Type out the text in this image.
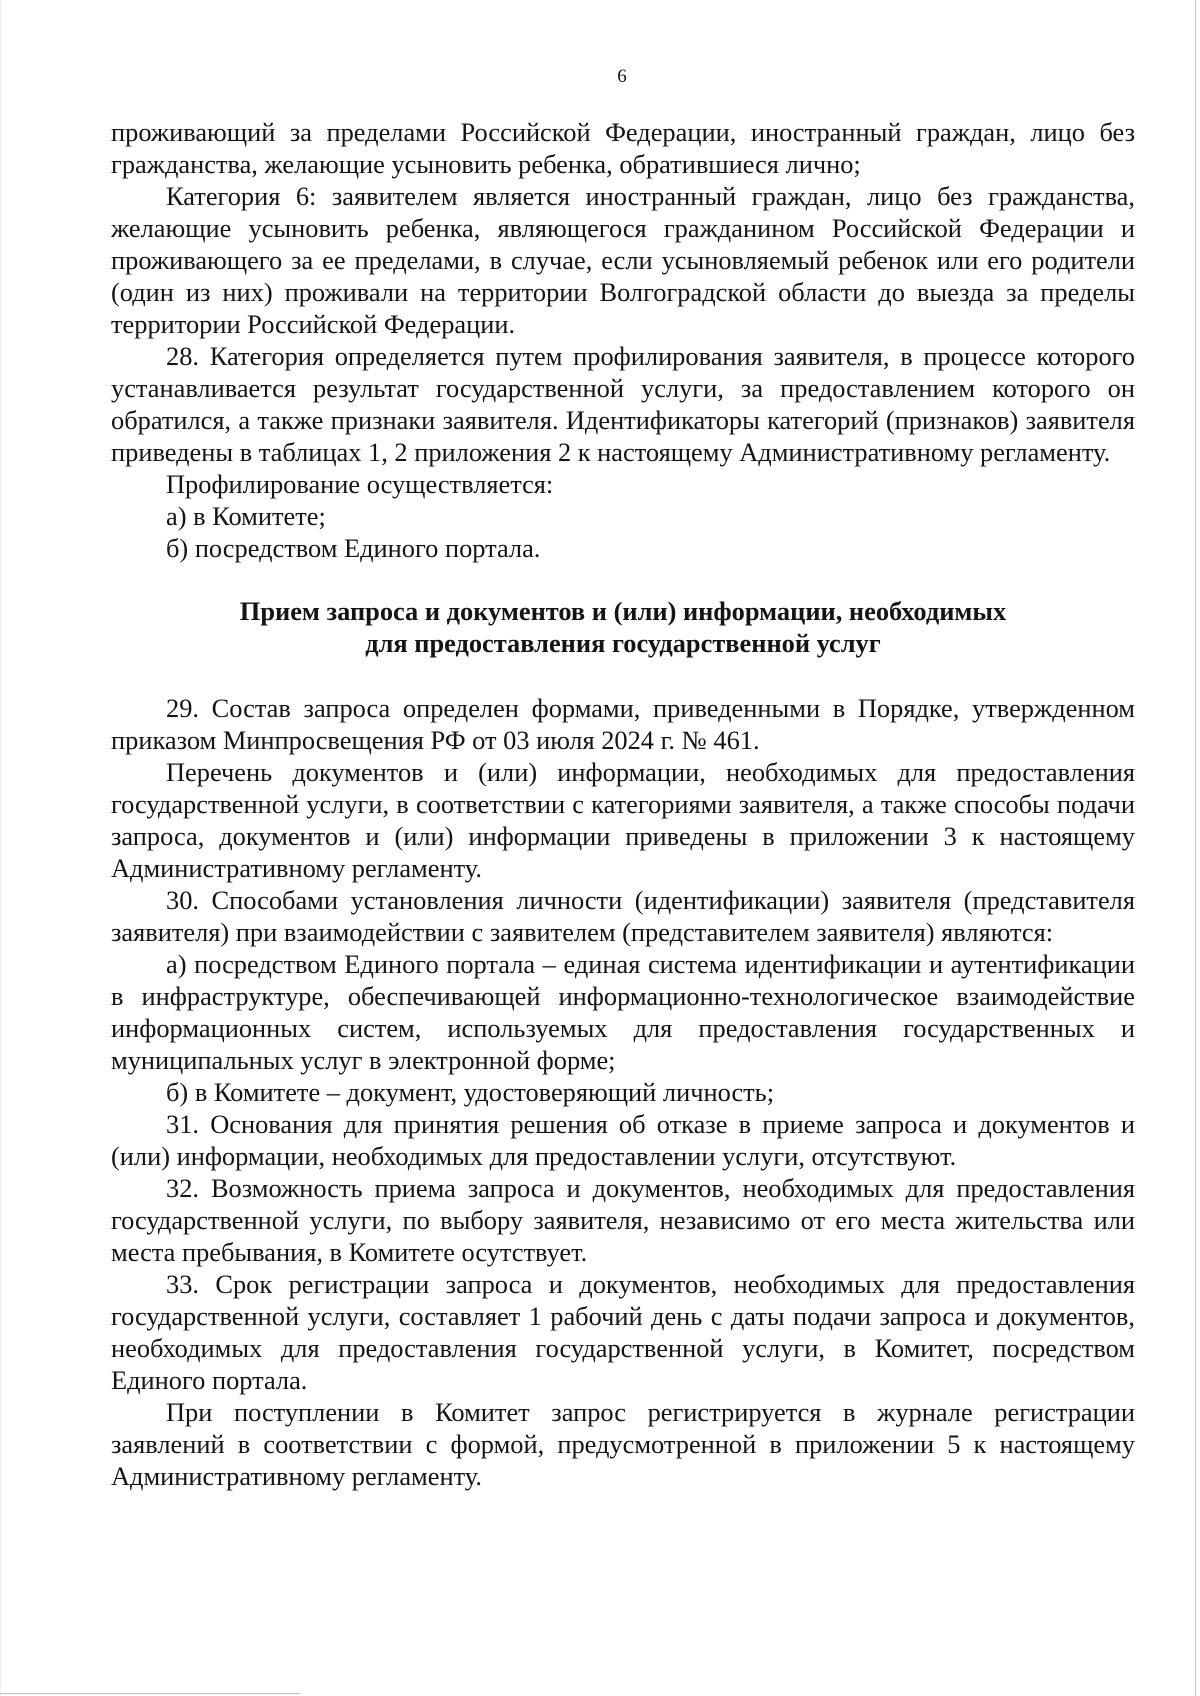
6

проживающий за пределами Российской Федерации, иностранный граждан, лицо без гражданства, желающие усыновить ребенка, обратившиеся лично;

Категория 6: заявителем является иностранный граждан, лицо без гражданства, желающие усыновить ребенка, являющегося гражданином Российской Федерации и проживающего за ее пределами, в случае, если усыновляемый ребенок или его родители (один из них) проживали на территории Волгоградской области до выезда за пределы территории Российской Федерации.

28. Категория определяется путем профилирования заявителя, в процессе которого устанавливается результат государственной услуги, за предоставлением которого он обратился, а также признаки заявителя. Идентификаторы категорий (признаков) заявителя приведены в таблицах 1, 2 приложения 2 к настоящему Административному регламенту.

Профилирование осуществляется:

а) в Комитете;

б) посредством Единого портала.

Прием запроса и документов и (или) информации, необходимых
для предоставления государственной услуг

29. Состав запроса определен формами, приведенными в Порядке, утвержденном приказом Минпросвещения РФ от 03 июля 2024 г. № 461.

Перечень документов и (или) информации, необходимых для предоставления государственной услуги, в соответствии с категориями заявителя, а также способы подачи запроса, документов и (или) информации приведены в приложении 3 к настоящему Административному регламенту.

30. Способами установления личности (идентификации) заявителя (представителя заявителя) при взаимодействии с заявителем (представителем заявителя) являются:

а) посредством Единого портала – единая система идентификации и аутентификации в инфраструктуре, обеспечивающей информационно-технологическое взаимодействие информационных систем, используемых для предоставления государственных и муниципальных услуг в электронной форме;

б) в Комитете – документ, удостоверяющий личность;

31. Основания для принятия решения об отказе в приеме запроса и документов и (или) информации, необходимых для предоставлении услуги, отсутствуют.

32. Возможность приема запроса и документов, необходимых для предоставления государственной услуги, по выбору заявителя, независимо от его места жительства или места пребывания, в Комитете осутствует.

33. Срок регистрации запроса и документов, необходимых для предоставления государственной услуги, составляет 1 рабочий день с даты подачи запроса и документов, необходимых для предоставления государственной услуги, в Комитет, посредством Единого портала.

При поступлении в Комитет запрос регистрируется в журнале регистрации заявлений в соответствии с формой, предусмотренной в приложении 5 к настоящему Административному регламенту.
